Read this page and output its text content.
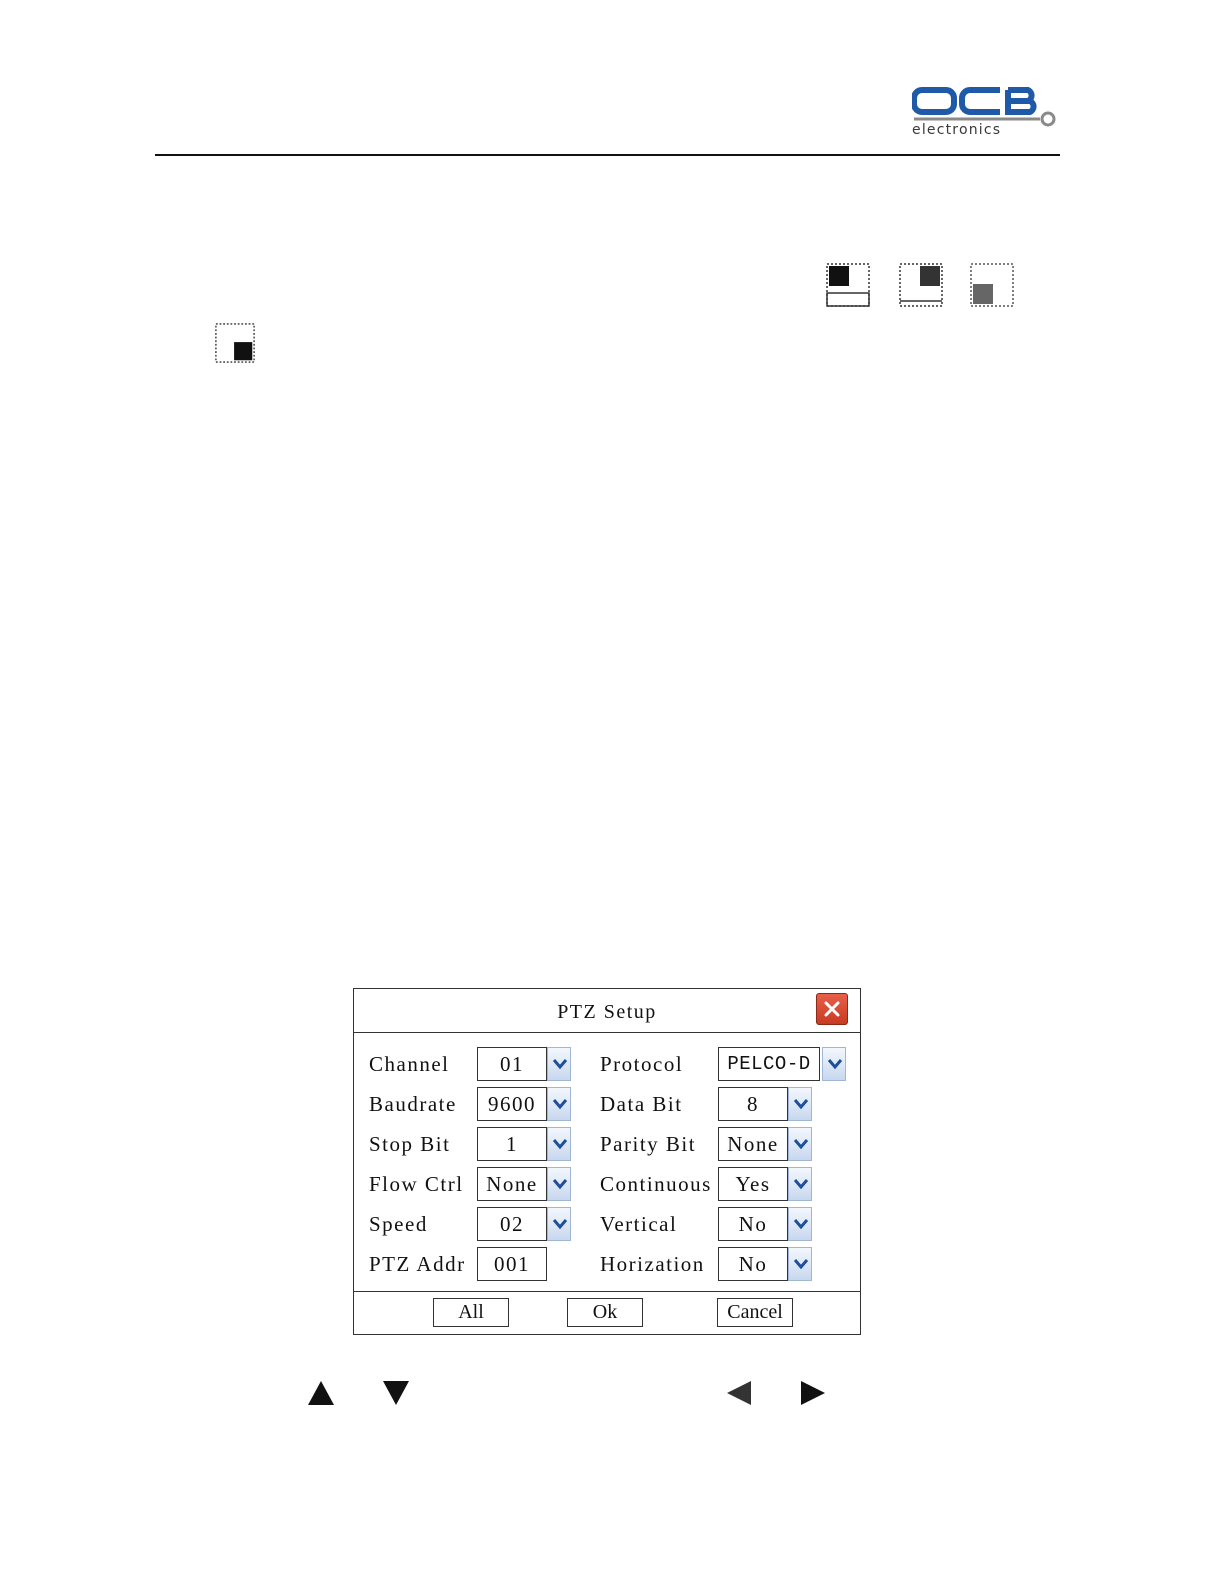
electronics
PTZ Setup
Channel
Baudrate
Stop Bit
Flow Ctrl
Speed
PTZ Addr
01
9600
1
None
02
001
Protocol
Data Bit
Parity Bit
Continuous
Vertical
Horization
PELCO-D
8
None
Yes
No
No
All	Ok	Cancel
